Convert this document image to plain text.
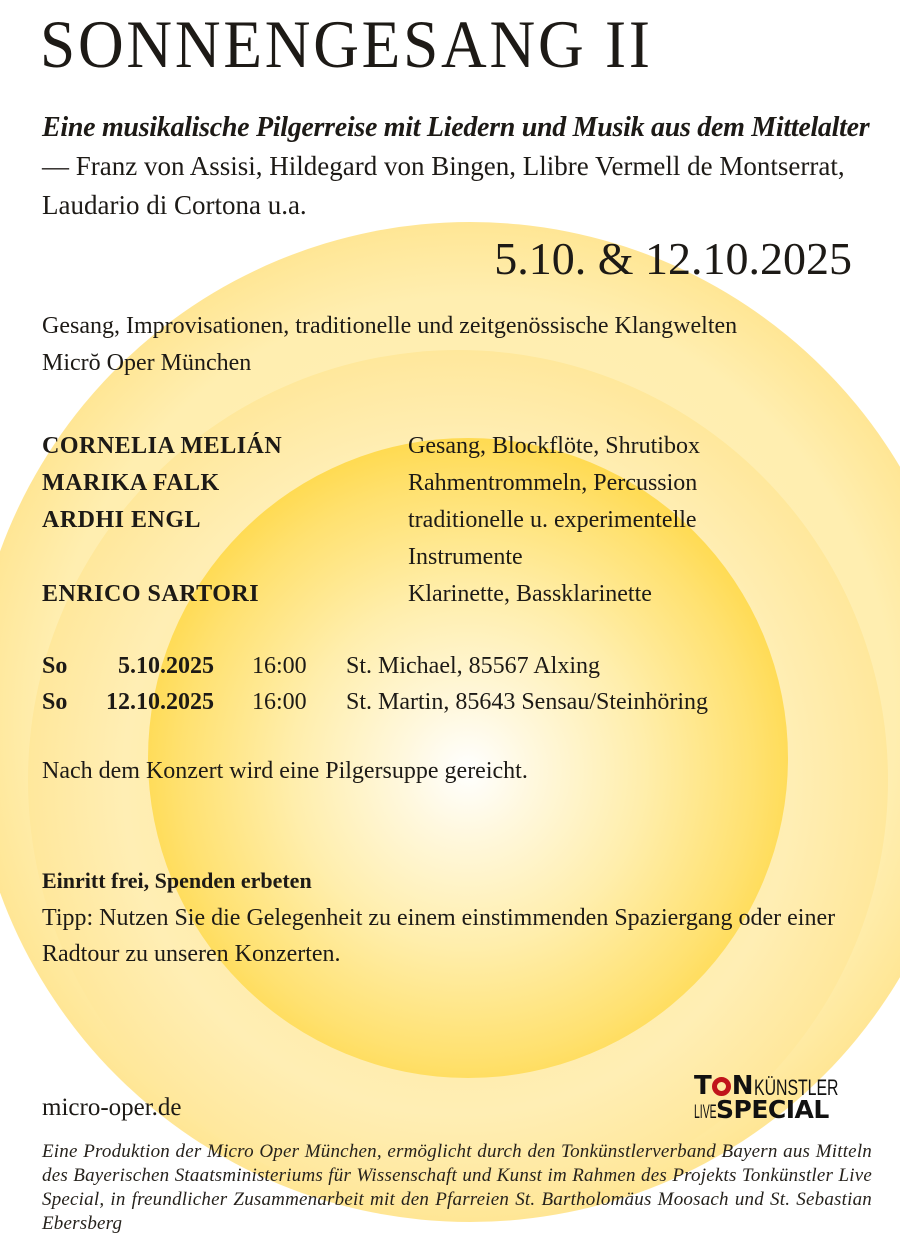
SONNENGESANG II
Eine musikalische Pilgerreise mit Liedern und Musik aus dem Mittelalter — Franz von Assisi, Hildegard von Bingen, Llibre Vermell de Montserrat, Laudario di Cortona u.a.
5.10. & 12.10.2025
Gesang, Improvisationen, traditionelle und zeitgenössische Klangwelten
Micrŏ Oper München
CORNELIA MELIÁN	Gesang, Blockflöte, Shrutibox
MARIKA FALK	Rahmentrommeln, Percussion
ARDHI ENGL	traditionelle u. experimentelle Instrumente
ENRICO SARTORI	Klarinette, Bassklarinette
So	5.10.2025	16:00	St. Michael, 85567 Alxing
So	12.10.2025	16:00	St. Martin, 85643 Sensau/Steinhöring
Nach dem Konzert wird eine Pilgersuppe gereicht.
Einritt frei, Spenden erbeten
Tipp: Nutzen Sie die Gelegenheit zu einem einstimmenden Spaziergang oder einer Radtour zu unseren Konzerten.
micro-oper.de
T N KÜNSTLER
LIVE SPECIAL
Eine Produktion der Micro Oper München, ermöglicht durch den Tonkünstlerverband Bayern aus Mitteln des Bayerischen Staatsministeriums für Wissenschaft und Kunst im Rahmen des Projekts Tonkünstler Live Special, in freundlicher Zusammenarbeit mit den Pfarreien St. Bartholomäus Moosach und St. Sebastian Ebersberg
